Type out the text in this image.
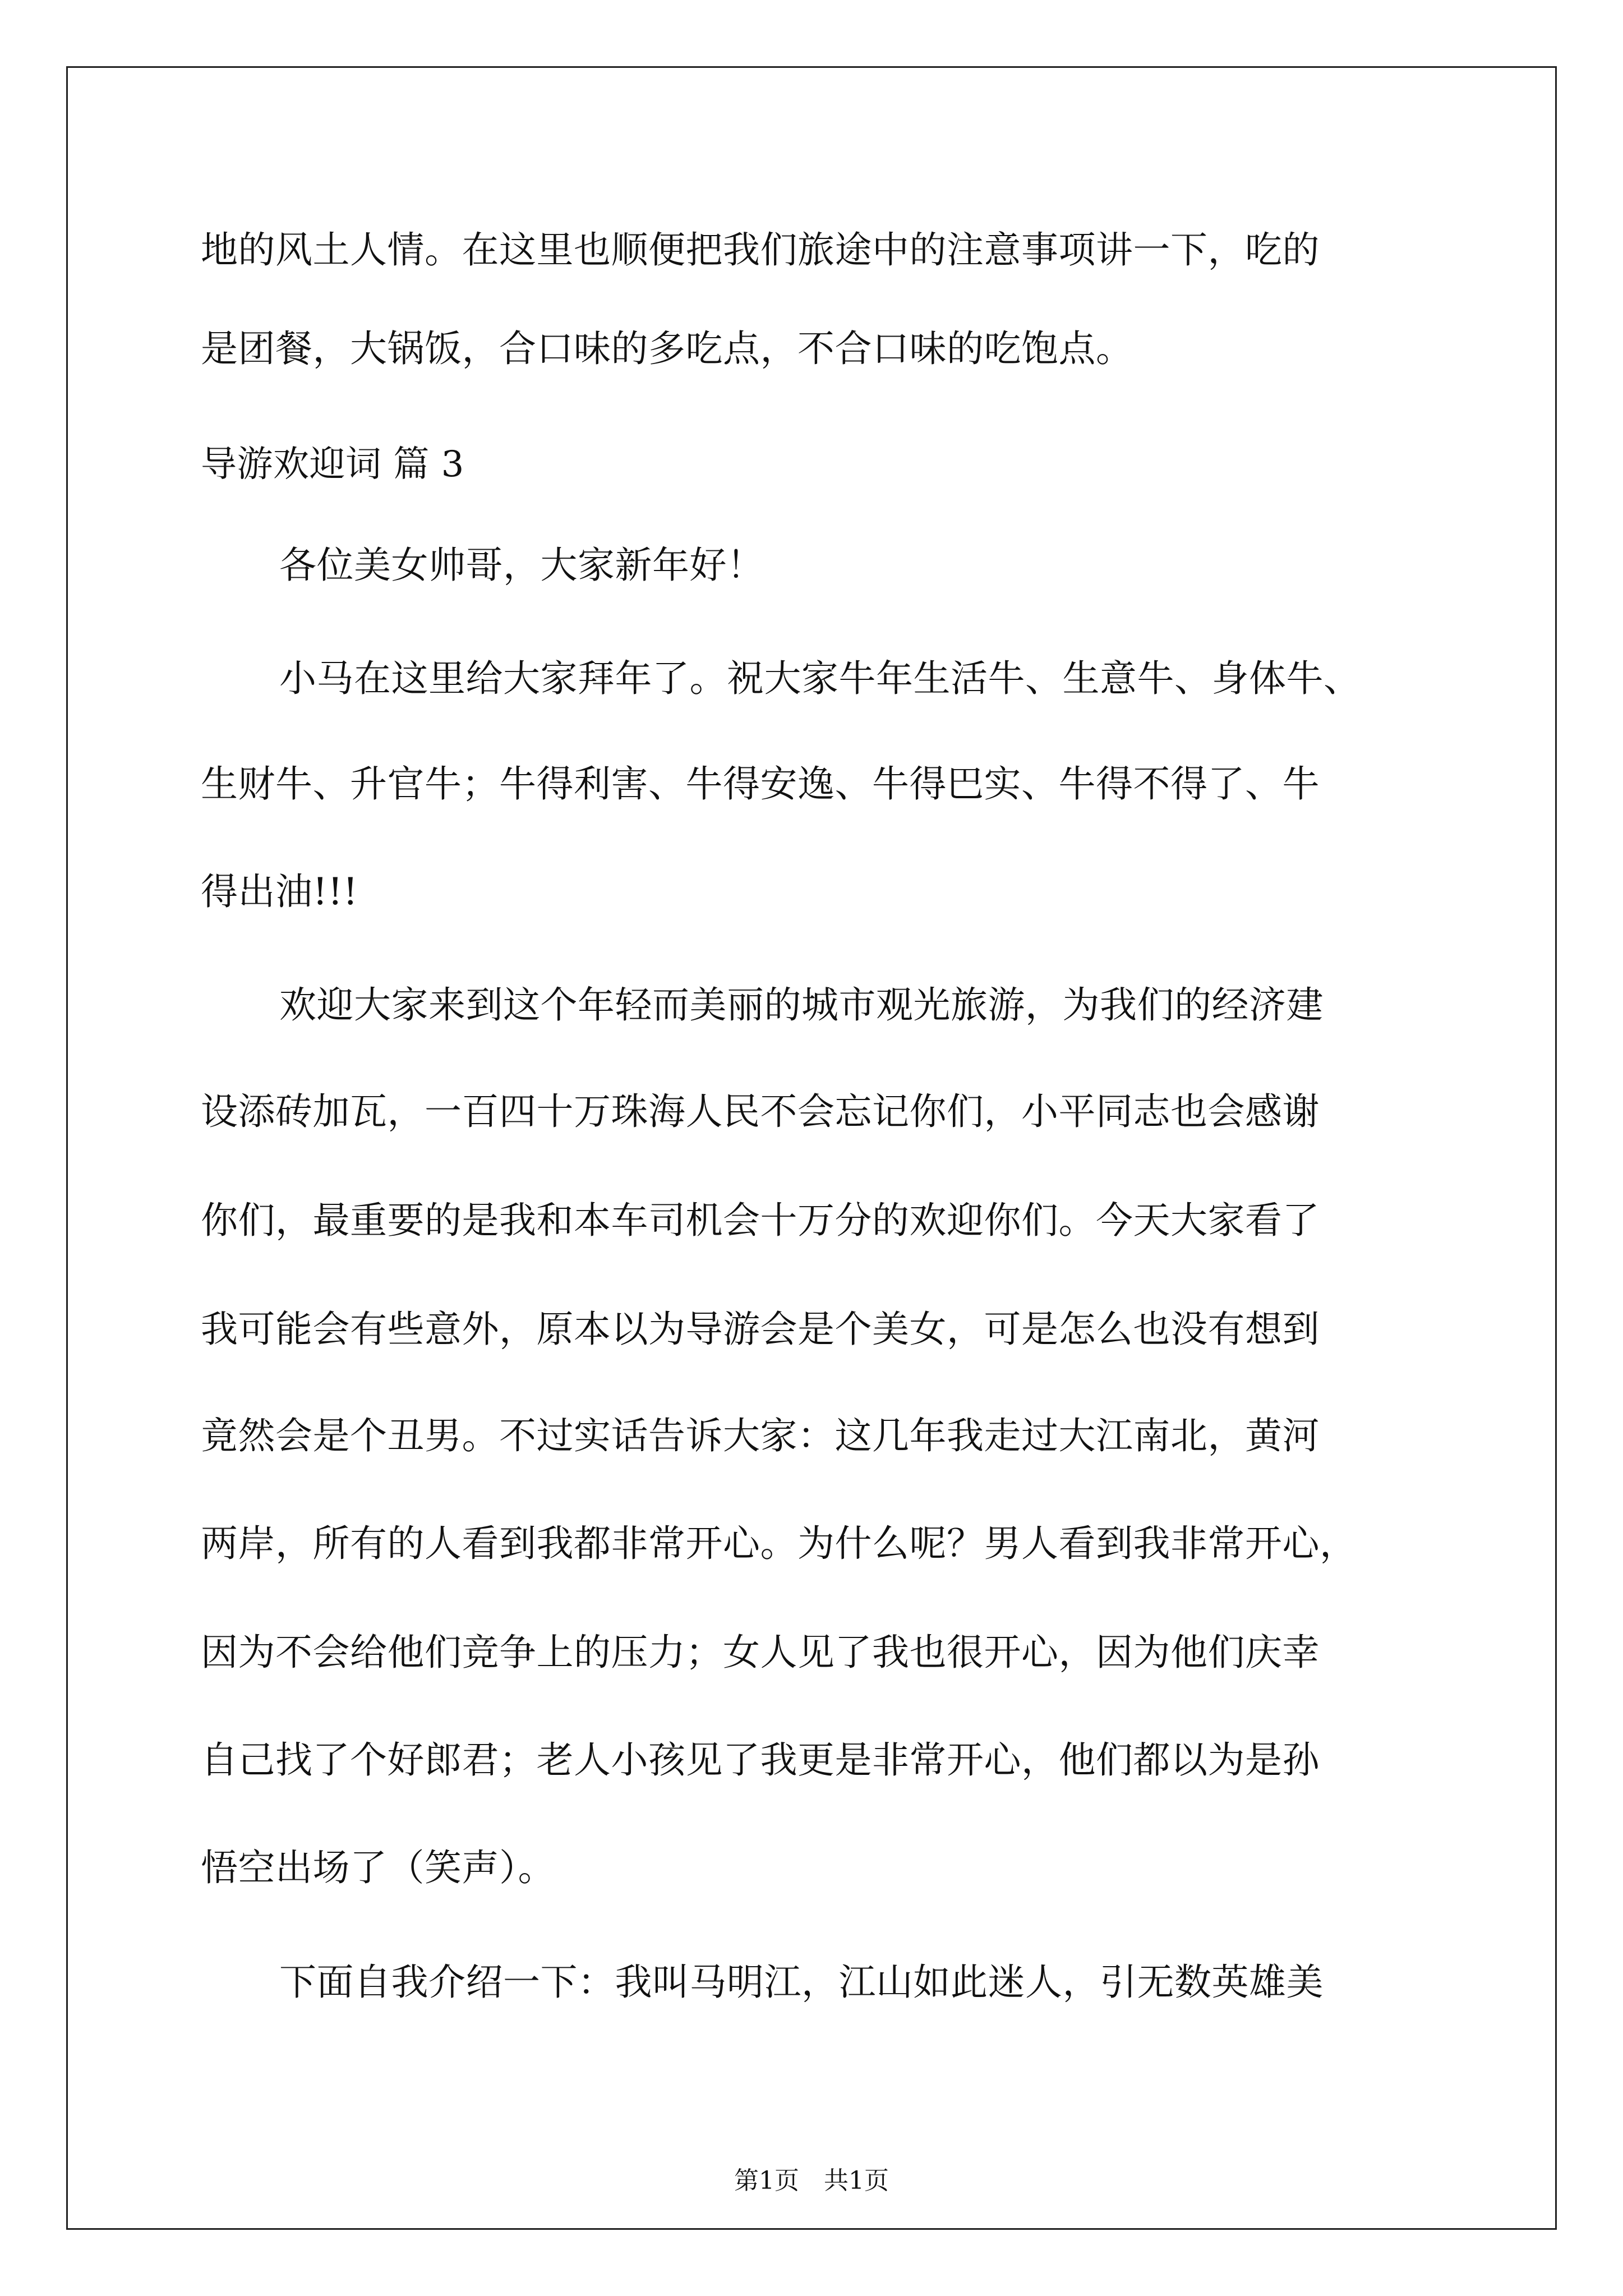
地的风土人情。在这里也顺便把我们旅途中的注意事项讲一下，吃的
是团餐，大锅饭，合口味的多吃点，不合口味的吃饱点。
导游欢迎词 篇 3
各位美女帅哥，大家新年好！
小马在这里给大家拜年了。祝大家牛年生活牛、生意牛、身体牛、
生财牛、升官牛；牛得利害、牛得安逸、牛得巴实、牛得不得了、牛
得出油!!!
欢迎大家来到这个年轻而美丽的城市观光旅游，为我们的经济建
设添砖加瓦，一百四十万珠海人民不会忘记你们，小平同志也会感谢
你们，最重要的是我和本车司机会十万分的欢迎你们。今天大家看了
我可能会有些意外，原本以为导游会是个美女，可是怎么也没有想到
竟然会是个丑男。不过实话告诉大家：这几年我走过大江南北，黄河
两岸，所有的人看到我都非常开心。为什么呢？男人看到我非常开心，
因为不会给他们竞争上的压力；女人见了我也很开心，因为他们庆幸
自己找了个好郎君；老人小孩见了我更是非常开心，他们都以为是孙
悟空出场了（笑声）。
下面自我介绍一下：我叫马明江，江山如此迷人，引无数英雄美
第1页　共1页
